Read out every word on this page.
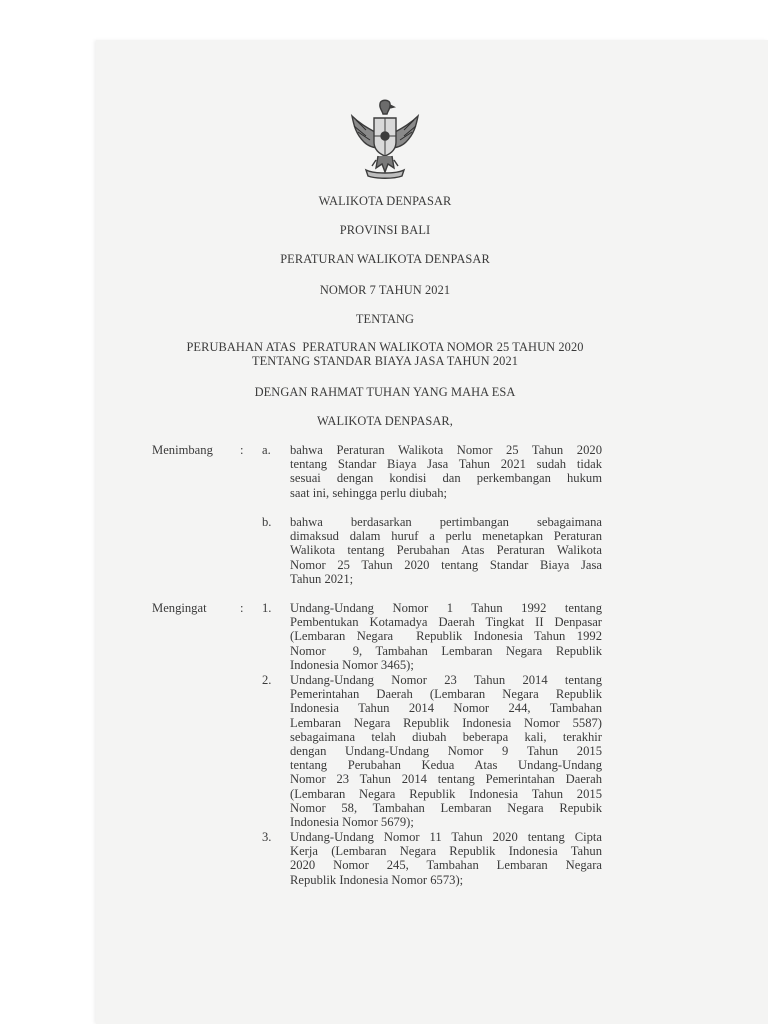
WALIKOTA DENPASAR
PROVINSI BALI
PERATURAN WALIKOTA DENPASAR
NOMOR 7 TAHUN 2021
TENTANG
PERUBAHAN ATAS  PERATURAN WALIKOTA NOMOR 25 TAHUN 2020
TENTANG STANDAR BIAYA JASA TAHUN 2021
DENGAN RAHMAT TUHAN YANG MAHA ESA
WALIKOTA DENPASAR,
Menimbang : a. bahwa Peraturan Walikota Nomor 25 Tahun 2020
tentang Standar Biaya Jasa Tahun 2021 sudah tidak
sesuai dengan kondisi dan perkembangan hukum
saat ini, sehingga perlu diubah;
b. bahwa berdasarkan pertimbangan sebagaimana
dimaksud dalam huruf a perlu menetapkan Peraturan
Walikota tentang Perubahan Atas Peraturan Walikota
Nomor 25 Tahun 2020 tentang Standar Biaya Jasa
Tahun 2021;
Mengingat	: 1. Undang-Undang Nomor 1 Tahun 1992 tentang
Pembentukan Kotamadya Daerah Tingkat II Denpasar
(Lembaran Negara  Republik Indonesia Tahun 1992
Nomor  9, Tambahan Lembaran Negara Republik
Indonesia Nomor 3465);
2. Undang-Undang Nomor 23 Tahun 2014 tentang
Pemerintahan Daerah (Lembaran Negara Republik
Indonesia Tahun 2014 Nomor 244, Tambahan
Lembaran Negara Republik Indonesia Nomor 5587)
sebagaimana telah diubah beberapa kali, terakhir
dengan Undang-Undang Nomor 9 Tahun 2015
tentang Perubahan Kedua Atas Undang-Undang
Nomor 23 Tahun 2014 tentang Pemerintahan Daerah
(Lembaran Negara Republik Indonesia Tahun 2015
Nomor 58, Tambahan Lembaran Negara Repubik
Indonesia Nomor 5679);
3. Undang-Undang Nomor 11 Tahun 2020 tentang Cipta
Kerja (Lembaran Negara Republik Indonesia Tahun
2020 Nomor 245, Tambahan Lembaran Negara
Republik Indonesia Nomor 6573);
